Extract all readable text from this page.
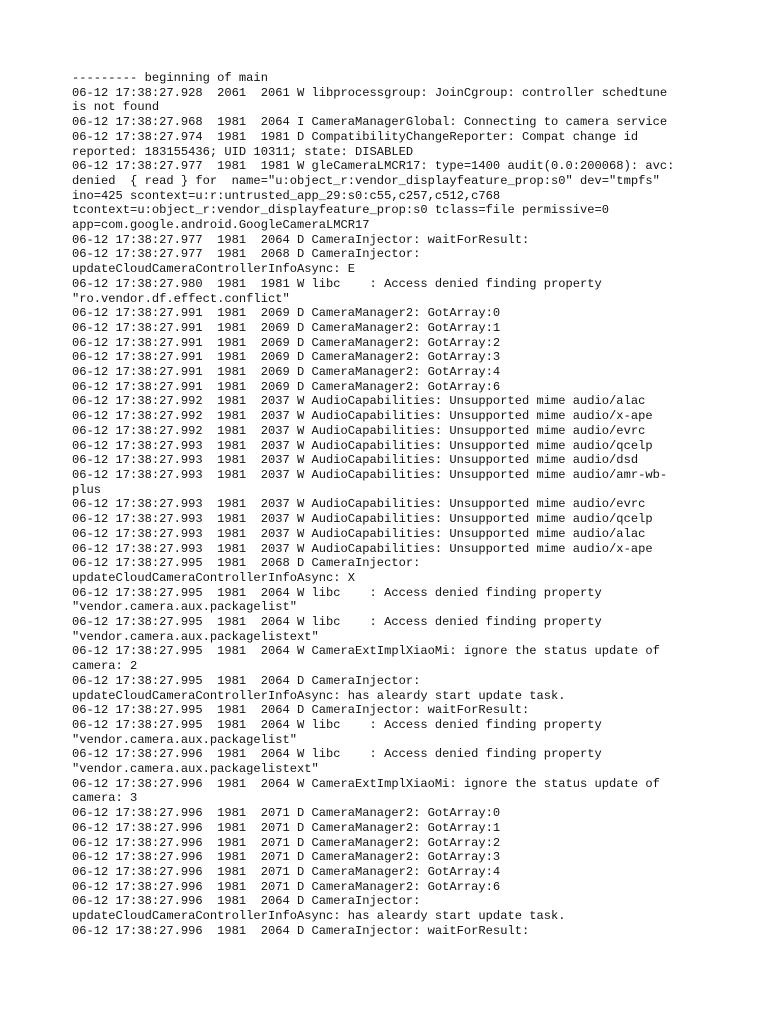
--------- beginning of main
06-12 17:38:27.928  2061  2061 W libprocessgroup: JoinCgroup: controller schedtune
is not found
06-12 17:38:27.968  1981  2064 I CameraManagerGlobal: Connecting to camera service
06-12 17:38:27.974  1981  1981 D CompatibilityChangeReporter: Compat change id
reported: 183155436; UID 10311; state: DISABLED
06-12 17:38:27.977  1981  1981 W gleCameraLMCR17: type=1400 audit(0.0:200068): avc:
denied  { read } for  name="u:object_r:vendor_displayfeature_prop:s0" dev="tmpfs"
ino=425 scontext=u:r:untrusted_app_29:s0:c55,c257,c512,c768
tcontext=u:object_r:vendor_displayfeature_prop:s0 tclass=file permissive=0
app=com.google.android.GoogleCameraLMCR17
06-12 17:38:27.977  1981  2064 D CameraInjector: waitForResult:
06-12 17:38:27.977  1981  2068 D CameraInjector:
updateCloudCameraControllerInfoAsync: E
06-12 17:38:27.980  1981  1981 W libc    : Access denied finding property
"ro.vendor.df.effect.conflict"
06-12 17:38:27.991  1981  2069 D CameraManager2: GotArray:0
06-12 17:38:27.991  1981  2069 D CameraManager2: GotArray:1
06-12 17:38:27.991  1981  2069 D CameraManager2: GotArray:2
06-12 17:38:27.991  1981  2069 D CameraManager2: GotArray:3
06-12 17:38:27.991  1981  2069 D CameraManager2: GotArray:4
06-12 17:38:27.991  1981  2069 D CameraManager2: GotArray:6
06-12 17:38:27.992  1981  2037 W AudioCapabilities: Unsupported mime audio/alac
06-12 17:38:27.992  1981  2037 W AudioCapabilities: Unsupported mime audio/x-ape
06-12 17:38:27.992  1981  2037 W AudioCapabilities: Unsupported mime audio/evrc
06-12 17:38:27.993  1981  2037 W AudioCapabilities: Unsupported mime audio/qcelp
06-12 17:38:27.993  1981  2037 W AudioCapabilities: Unsupported mime audio/dsd
06-12 17:38:27.993  1981  2037 W AudioCapabilities: Unsupported mime audio/amr-wb-
plus
06-12 17:38:27.993  1981  2037 W AudioCapabilities: Unsupported mime audio/evrc
06-12 17:38:27.993  1981  2037 W AudioCapabilities: Unsupported mime audio/qcelp
06-12 17:38:27.993  1981  2037 W AudioCapabilities: Unsupported mime audio/alac
06-12 17:38:27.993  1981  2037 W AudioCapabilities: Unsupported mime audio/x-ape
06-12 17:38:27.995  1981  2068 D CameraInjector:
updateCloudCameraControllerInfoAsync: X
06-12 17:38:27.995  1981  2064 W libc    : Access denied finding property
"vendor.camera.aux.packagelist"
06-12 17:38:27.995  1981  2064 W libc    : Access denied finding property
"vendor.camera.aux.packagelistext"
06-12 17:38:27.995  1981  2064 W CameraExtImplXiaoMi: ignore the status update of
camera: 2
06-12 17:38:27.995  1981  2064 D CameraInjector:
updateCloudCameraControllerInfoAsync: has aleardy start update task.
06-12 17:38:27.995  1981  2064 D CameraInjector: waitForResult:
06-12 17:38:27.995  1981  2064 W libc    : Access denied finding property
"vendor.camera.aux.packagelist"
06-12 17:38:27.996  1981  2064 W libc    : Access denied finding property
"vendor.camera.aux.packagelistext"
06-12 17:38:27.996  1981  2064 W CameraExtImplXiaoMi: ignore the status update of
camera: 3
06-12 17:38:27.996  1981  2071 D CameraManager2: GotArray:0
06-12 17:38:27.996  1981  2071 D CameraManager2: GotArray:1
06-12 17:38:27.996  1981  2071 D CameraManager2: GotArray:2
06-12 17:38:27.996  1981  2071 D CameraManager2: GotArray:3
06-12 17:38:27.996  1981  2071 D CameraManager2: GotArray:4
06-12 17:38:27.996  1981  2071 D CameraManager2: GotArray:6
06-12 17:38:27.996  1981  2064 D CameraInjector:
updateCloudCameraControllerInfoAsync: has aleardy start update task.
06-12 17:38:27.996  1981  2064 D CameraInjector: waitForResult:
